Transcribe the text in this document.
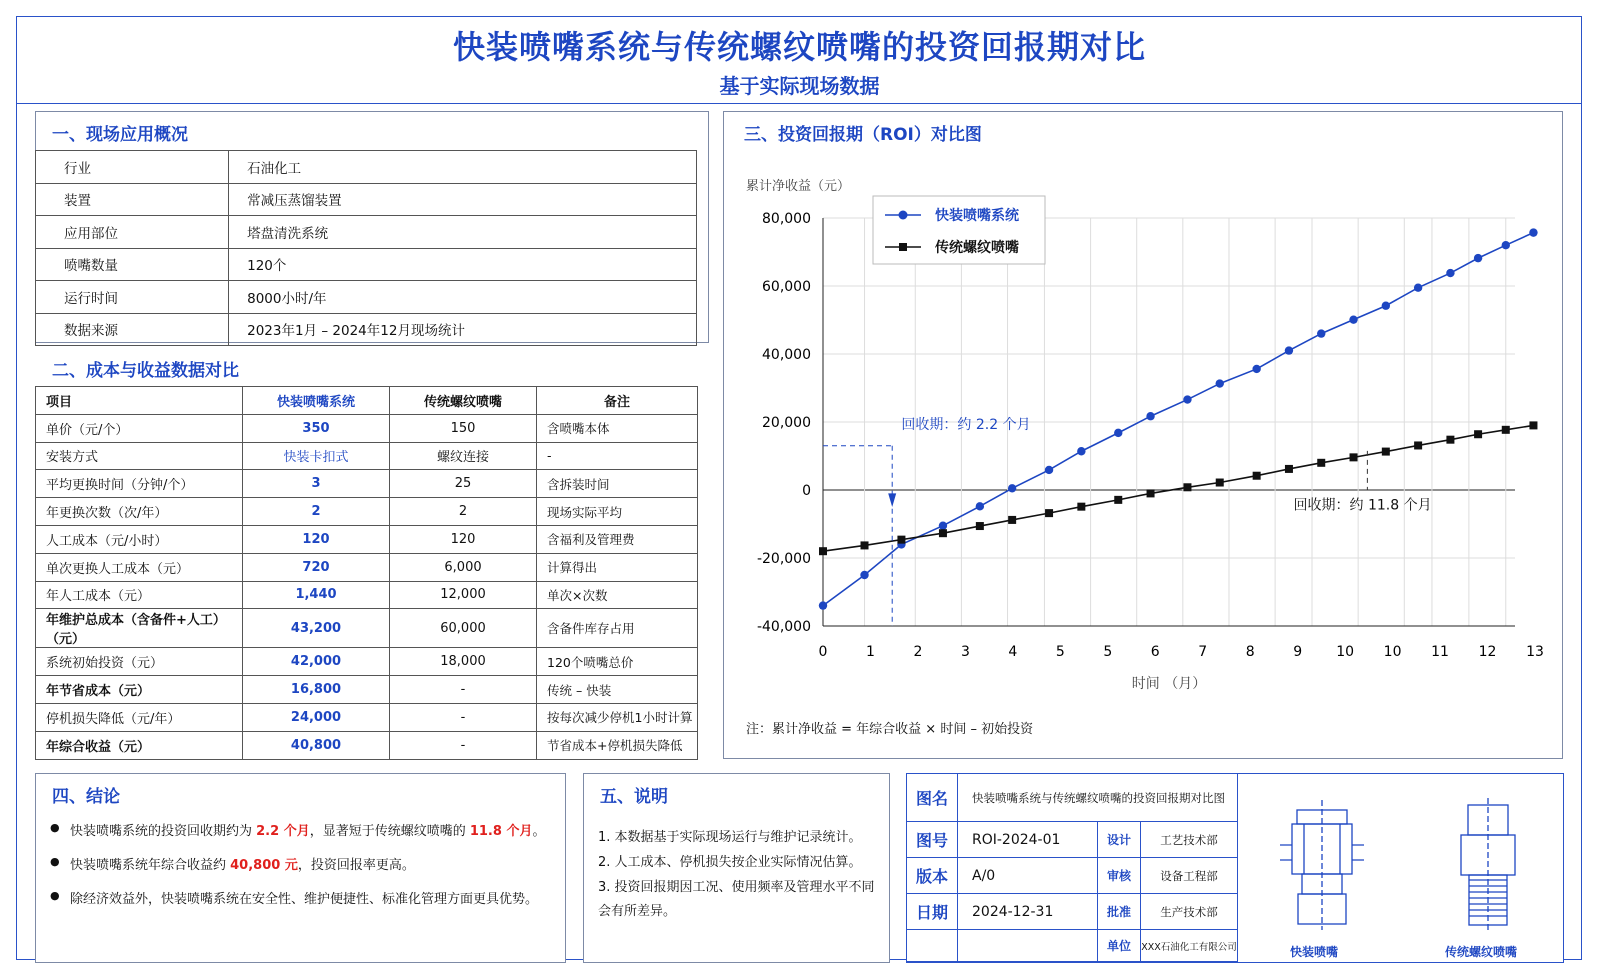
快装喷嘴系统与传统螺纹喷嘴的投资回报期对比
基于实际现场数据
一、现场应用概况
行业	石油化工
装置	常减压蒸馏装置
应用部位	塔盘清洗系统
喷嘴数量	120个
运行时间	8000小时/年
数据来源	2023年1月 – 2024年12月现场统计
二、成本与收益数据对比
项目	快装喷嘴系统	传统螺纹喷嘴	备注
单价（元/个）	350	150	含喷嘴本体
安装方式	快装卡扣式	螺纹连接	-
平均更换时间（分钟/个）	3	25	含拆装时间
年更换次数（次/年）	2	2	现场实际平均
人工成本（元/小时）	120	120	含福利及管理费
单次更换人工成本（元）	720	6,000	计算得出
年人工成本（元）	1,440	12,000	单次×次数
年维护总成本（含备件+人工）（元）	43,200	60,000	含备件库存占用
系统初始投资（元）	42,000	18,000	120个喷嘴总价
年节省成本（元）	16,800	-	传统 – 快装
停机损失降低（元/年）	24,000	-	按每次减少停机1小时计算
年综合收益（元）	40,800	-	节省成本+停机损失降低
三、投资回报期（ROI）对比图
-40,000
-20,000
0
20,000
40,000
60,000
80,000
0	1	2	3	4	5	5	6	7	8	9 10 10 11 12 13
累计净收益（元）
时间 （月）
回收期：约 2.2 个月
回收期：约 11.8 个月
快装喷嘴系统
传统螺纹喷嘴
注：累计净收益 = 年综合收益 × 时间 – 初始投资
四、结论
● 快装喷嘴系统的投资回收期约为 2.2 个月，显著短于传统螺纹喷嘴的 11.8 个月。
● 快装喷嘴系统年综合收益约 40,800 元，投资回报率更高。
● 除经济效益外，快装喷嘴系统在安全性、维护便捷性、标准化管理方面更具优势。
五、说明
1. 本数据基于实际现场运行与维护记录统计。
2. 人工成本、停机损失按企业实际情况估算。
3. 投资回报期因工况、使用频率及管理水平不同会有所差异。
图名	快装喷嘴系统与传统螺纹喷嘴的投资回报期对比图		
图号	ROI-2024-01	设计	工艺技术部
版本	A/0	审核	设备工程部
日期	2024-12-31	批准	生产技术部
		单位	XXX石油化工有限公司	快装喷嘴	传统螺纹喷嘴
